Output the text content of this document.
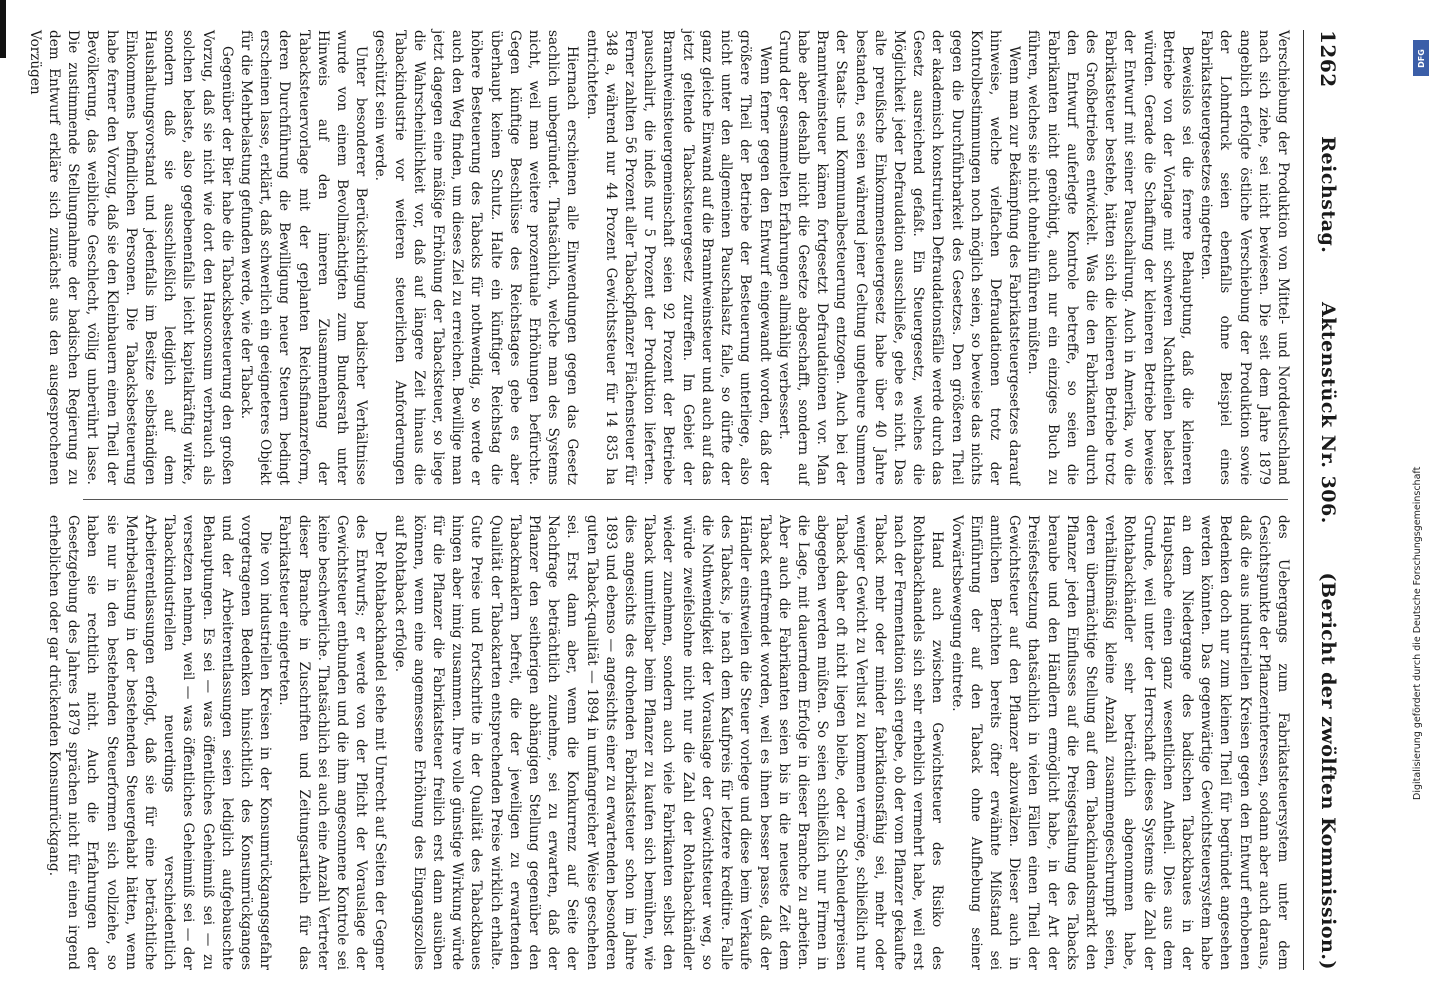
1262
Reichstag.
Aktenstück Nr. 306.
(Bericht der zwölften Kommission.)

Verschiebung der Produktion von Mittel- und Norddeutschland nach sich ziehe, sei nicht bewiesen. Die seit dem Jahre 1879 angeblich erfolgte östliche Verschiebung der Produktion sowie der Lohndruck seien ebenfalls ohne Beispiel eines Fabrikatsteuergesetzes eingetreten.

Beweislos sei die fernere Behauptung, daß die kleineren Betriebe von der Vorlage mit schweren Nachtheilen belastet würden. Gerade die Schaffung der kleineren Betriebe beweise der Entwurf mit seiner Pauschalirung. Auch in Amerika, wo die Fabrikatsteuer bestehe, hätten sich die kleineren Betriebe trotz des Großbetriebes entwickelt. Was die den Fabrikanten durch den Entwurf auferlegte Kontrole betreffe, so seien die Fabrikanten nicht genöthigt, auch nur ein einziges Buch zu führen, welches sie nicht ohnehin führen müßten.

Wenn man zur Bekämpfung des Fabrikatsteuergesetzes darauf hinweise, welche vielfachen Defraudationen trotz der Kontrolbestimmungen noch möglich seien, so beweise das nichts gegen die Durchführbarkeit des Gesetzes. Den größeren Theil der akademisch konstruirten Defraudationsfälle werde durch das Gesetz ausreichend gefaßt. Ein Steuergesetz, welches die Möglichkeit jeder Defraudation ausschließe, gebe es nicht. Das alte preußische Einkommensteuergesetz habe über 40 Jahre bestanden, es seien während jener Geltung ungeheure Summen der Staats- und Kommunalbesteuerung entzogen. Auch bei der Branntweinsteuer kämen fortgesetzt Defraudationen vor. Man habe aber deshalb nicht die Gesetze abgeschafft, sondern auf Grund der gesammelten Erfahrungen allmählig verbessert.

Wenn ferner gegen den Entwurf eingewandt worden, daß der größere Theil der Betriebe der Besteuerung unterliege, also nicht unter den allgemeinen Pauschalsatz falle, so dürfte der ganz gleiche Einwand auf die Branntweinsteuer und auch auf das jetzt geltende Tabacksteuergesetz zutreffen. Im Gebiet der Branntweinsteuergemeinschaft seien 92 Prozent der Betriebe pauschalirt, die indeß nur 5 Prozent der Produktion lieferten. Ferner zahlten 56 Prozent aller Tabackpflanzer Flächensteuer für 348 a, während nur 44 Prozent Gewichtssteuer für 14 835 ha entrichteten.

Hiernach erschienen alle Einwendungen gegen das Gesetz sachlich unbegründet. Thatsächlich, welche man des Systems nicht, weil man weitere prozentuale Erhöhungen befürchte. Gegen künftige Beschlüsse des Reichstages gebe es aber überhaupt keinen Schutz. Halte ein künftiger Reichstag die höhere Besteuerung des Tabacks für nothwendig, so werde er auch den Weg finden, um dieses Ziel zu erreichen. Bewillige man jetzt dagegen eine mäßige Erhöhung der Tabacksteuer, so liege die Wahrscheinlichkeit vor, daß auf längere Zeit hinaus die Tabackindustrie vor weiteren steuerlichen Anforderungen geschützt sein werde.

Unter besonderer Berücksichtigung badischer Verhältnisse wurde von einem Bevollmächtigten zum Bundesrath unter Hinweis auf den inneren Zusammenhang der Tabacksteuervorlage mit der geplanten Reichsfinanzreform, deren Durchführung die Bewilligung neuer Steuern bedingt erscheinen lasse, erklärt, daß schwerlich ein geeigneteres Objekt für die Mehrbelastung gefunden werde, wie der Taback.

Gegenüber der Bier habe die Tabacksbesteuerung den großen Vorzug, daß sie nicht wie dort den Hausconsum verbrauch als solchen belaste, also gegebenenfalls leicht kapitalkräftig wirke, sondern daß sie ausschließlich lediglich auf dem Haushaltungsvorstand und jedenfalls im Besitze selbständigen Einkommens befindlichen Personen. Die Tabacksbesteuerung habe ferner den Vorzug, daß sie den Kleinbauern einen Theil der Bevölkerung, das weibliche Geschlecht, völlig unberührt lasse. Die zustimmende Stellungnahme der badischen Regierung zu dem Entwurf erkläre sich zunächst aus den ausgesprochenen Vorzügen

des Uebergangs zum Fabrikatsteuersystem unter dem Gesichtspunkte der Pflanzerinteressen, sodann aber auch daraus, daß die aus industriellen Kreisen gegen den Entwurf erhobenen Bedenken doch nur zum kleinen Theil für begründet angesehen werden könnten. Das gegenwärtige Gewichtsteuersystem habe an dem Niedergange des badischen Tabackbaues in der Hauptsache einen ganz wesentlichen Antheil. Dies aus dem Grunde, weil unter der Herrschaft dieses Systems die Zahl der Rohtabackhändler sehr beträchtlich abgenommen habe, verhältnißmäßig kleine Anzahl zusammengeschrumpft seien, deren übermächtige Stellung auf dem Tabackinlandsmarkt den Pflanzer jeden Einflusses auf die Preisgestaltung des Tabacks beraube und den Händlern ermöglicht habe, in der Art der Preisfestsetzung thatsächlich in vielen Fällen einen Theil der Gewichtsteuer auf den Pflanzer abzuwälzen. Dieser auch in amtlichen Berichten bereits öfter erwähnte Mißstand sei Einführung der auf den Taback ohne Aufhebung seiner Vorwärtsbewegung eintrete.

Hand auch zwischen Gewichtsteuer des Risiko des Rohtabackhandels sich sehr erheblich vermehrt habe, weil erst nach der Fermentation sich ergebe, ob der vom Pflanzer gekaufte Taback mehr oder minder fabrikationsfähig sei, mehr oder weniger Gewicht zu Verlust zu kommen vermöge, schließlich nur Taback daher oft nicht liegen bleibe, oder zu Schleuderpreisen abgegeben werden müßten. So seien schließlich nur Firmen in die Lage, mit dauerndem Erfolge in dieser Branche zu arbeiten. Aber auch die Fabrikanten seien bis in die neueste Zeit dem Taback entfremdet worden, weil es ihnen besser passe, daß der Händler einstweilen die Steuer vorlege und diese beim Verkaufe des Tabacks, je nach dem Kaufpreis für letztere kreditire. Falle die Nothwendigkeit der Vorauslage der Gewichtsteuer weg, so würde zweifelsohne nicht nur die Zahl der Rohtabackhändler wieder zunehmen, sondern auch viele Fabrikanten selbst den Taback unmittelbar beim Pflanzer zu kaufen sich bemühen, wie dies angesichts des drohenden Fabrikatsteuer schon im Jahre 1893 und ebenso — angesichts einer zu erwartenden besonderen guten Taback-qualität — 1894 in umfangreicher Weise geschehen sei. Erst dann aber, wenn die Konkurrenz auf Seite der Nachfrage beträchtlich zunehme, sei zu erwarten, daß der Pflanzer den seitherigen abhängigen Stellung gegenüber den Tabackmaklern befreit, die der jeweiligen zu erwartenden Qualität der Tabackarten entsprechenden Preise wirklich erhalte. Gute Preise und Fortschritte in der Qualität des Tabackbaues hingen aber innig zusammen. Ihre volle günstige Wirkung würde für die Pflanzer die Fabrikatsteuer freilich erst dann ausüben können, wenn eine angemessene Erhöhung des Eingangszolles auf Rohtaback erfolge.

Der Rohtabackhandel stehe mit Unrecht auf Seiten der Gegner des Entwurfs; er werde von der Pflicht der Vorauslage der Gewichtsteuer entbunden und die ihm angesonnene Kontrole sei keine beschwerliche. Thatsächlich sei auch eine Anzahl Vertreter dieser Branche in Zuschriften und Zeitungsartikeln für das Fabrikatsteuer eingetreten.

Die von industriellen Kreisen in der Konsumrückgangsgefahr vorgetragenen Bedenken hinsichtlich des Konsumrückganges und der Arbeiterentlassungen seien lediglich aufgebauschte Behauptungen. Es sei — was öffentliches Geheimniß sei — zu versetzen nehmen, weil — was öffentliches Geheimniß sei — der Tabackindustriellen neuerdings verschiedentlich Arbeiterentlassungen erfolgt, daß sie für eine beträchtliche Mehrbelastung in der bestehenden Steuergehabt hätten, wenn sie nur in den bestehenden Steuerformen sich vollziehe, so haben sie rechtlich nicht. Auch die Erfahrungen der Gesetzgebung des Jahres 1879 sprächen nicht für einen irgend erheblichen oder gar drückenden Konsumrückgang.

DFG
Digitalisierung gefördert durch die Deutsche Forschungsgemeinschaft
